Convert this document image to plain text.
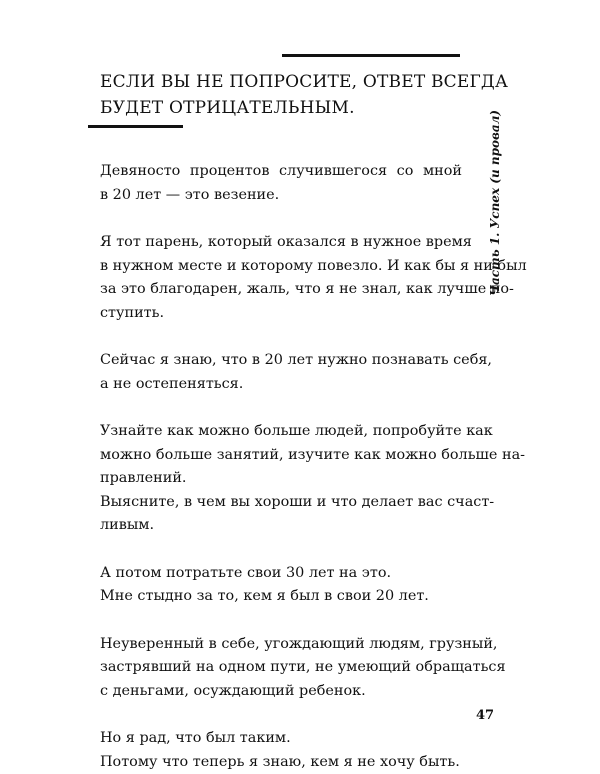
ЕСЛИ ВЫ НЕ ПОПРОСИТЕ, ОТВЕТ ВСЕГДА
БУДЕТ ОТРИЦАТЕЛЬНЫМ.
Часть 1. Успех (и провал)

Девяносто процентов случившегося со мной
в 20 лет — это везение.

Я тот парень, который оказался в нужное время
в нужном месте и которому повезло. И как бы я ни был
за это благодарен, жаль, что я не знал, как лучше по-
ступить.

Сейчас я знаю, что в 20 лет нужно познавать себя,
а не остепеняться.

Узнайте как можно больше людей, попробуйте как
можно больше занятий, изучите как можно больше на-
правлений.
Выясните, в чем вы хороши и что делает вас счаст-
ливым.

А потом потратьте свои 30 лет на это.
Мне стыдно за то, кем я был в свои 20 лет.

Неуверенный в себе, угождающий людям, грузный,
застрявший на одном пути, не умеющий обращаться
с деньгами, осуждающий ребенок.

Но я рад, что был таким.
Потому что теперь я знаю, кем я не хочу быть.

47
